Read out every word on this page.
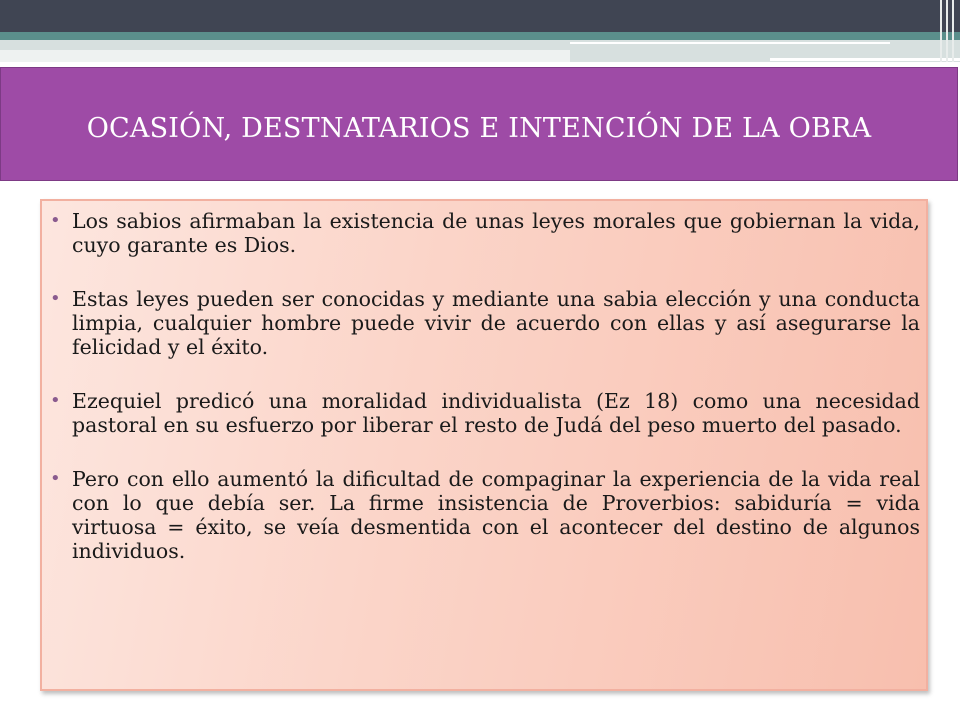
OCASIÓN, DESTNATARIOS E INTENCIÓN DE LA OBRA
• Los sabios afirmaban la existencia de unas leyes morales que gobiernan la vida, cuyo garante es Dios.
• Estas leyes pueden ser conocidas y mediante una sabia elección y una conducta limpia, cualquier hombre puede vivir de acuerdo con ellas y así asegurarse la felicidad y el éxito.
• Ezequiel predicó una moralidad individualista (Ez 18) como una necesidad pastoral en su esfuerzo por liberar el resto de Judá del peso muerto del pasado.
• Pero con ello aumentó la dificultad de compaginar la experiencia de la vida real con lo que debía ser. La firme insistencia de Proverbios: sabiduría = vida virtuosa = éxito, se veía desmentida con el acontecer del destino de algunos individuos.
